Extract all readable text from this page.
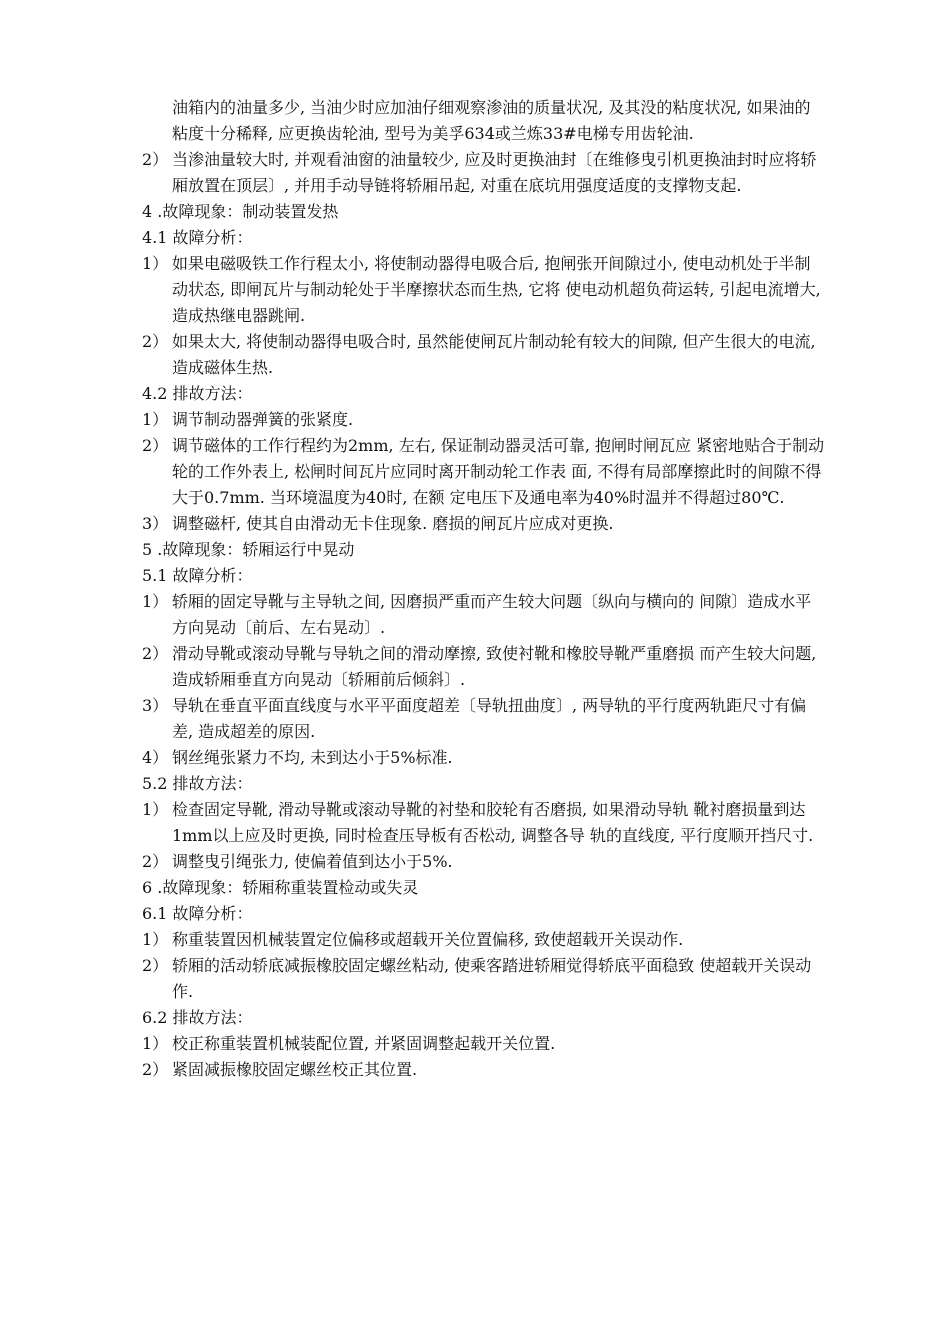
油箱内的油量多少, 当油少时应加油仔细观察渗油的质量状况, 及其没的粘度状况, 如果油的粘度十分稀释, 应更换齿轮油, 型号为美孚634或兰炼33#电梯专用齿轮油.

2） 当渗油量较大时, 并观看油窗的油量较少, 应及时更换油封〔在维修曳引机更换油封时应将轿厢放置在顶层〕, 并用手动导链将轿厢吊起, 对重在底坑用强度适度的支撑物支起.
4 .故障现象：制动装置发热
4.1 故障分析：
1） 如果电磁吸铁工作行程太小, 将使制动器得电吸合后, 抱闸张开间隙过小, 使电动机处于半制动状态, 即闸瓦片与制动轮处于半摩擦状态而生热, 它将 使电动机超负荷运转, 引起电流增大, 造成热继电器跳闸.
2） 如果太大, 将使制动器得电吸合时, 虽然能使闸瓦片制动轮有较大的间隙, 但产生很大的电流, 造成磁体生热.
4.2 排故方法：
1） 调节制动器弹簧的张紧度.
2） 调节磁体的工作行程约为2mm, 左右, 保证制动器灵活可靠, 抱闸时闸瓦应 紧密地贴合于制动轮的工作外表上, 松闸时间瓦片应同时离开制动轮工作表 面, 不得有局部摩擦此时的间隙不得大于0.7mm. 当环境温度为40时, 在额 定电压下及通电率为40%时温并不得超过80℃.
3） 调整磁杆, 使其自由滑动无卡住现象. 磨损的闸瓦片应成对更换.
5 .故障现象：轿厢运行中晃动
5.1 故障分析：
1） 轿厢的固定导靴与主导轨之间, 因磨损严重而产生较大问题〔纵向与横向的 间隙〕造成水平方向晃动〔前后、左右晃动〕.
2） 滑动导靴或滚动导靴与导轨之间的滑动摩擦, 致使衬靴和橡胶导靴严重磨损 而产生较大问题, 造成轿厢垂直方向晃动〔轿厢前后倾斜〕.
3） 导轨在垂直平面直线度与水平平面度超差〔导轨扭曲度〕, 两导轨的平行度两轨距尺寸有偏差, 造成超差的原因.
4） 钢丝绳张紧力不均, 未到达小于5%标准.
5.2 排故方法：
1） 检查固定导靴, 滑动导靴或滚动导靴的衬垫和胶轮有否磨损, 如果滑动导轨 靴衬磨损量到达1mm以上应及时更换, 同时检查压导板有否松动, 调整各导 轨的直线度, 平行度顺开挡尺寸.
2） 调整曳引绳张力, 使偏着值到达小于5%.
6 .故障现象：轿厢称重装置检动或失灵
6.1 故障分析：
1） 称重装置因机械装置定位偏移或超载开关位置偏移, 致使超载开关误动作.
2） 轿厢的活动轿底减振橡胶固定螺丝粘动, 使乘客踏进轿厢觉得轿底平面稳致 使超载开关误动作.
6.2 排故方法：
1） 校正称重装置机械装配位置, 并紧固调整起载开关位置.
2） 紧固减振橡胶固定螺丝校正其位置.
